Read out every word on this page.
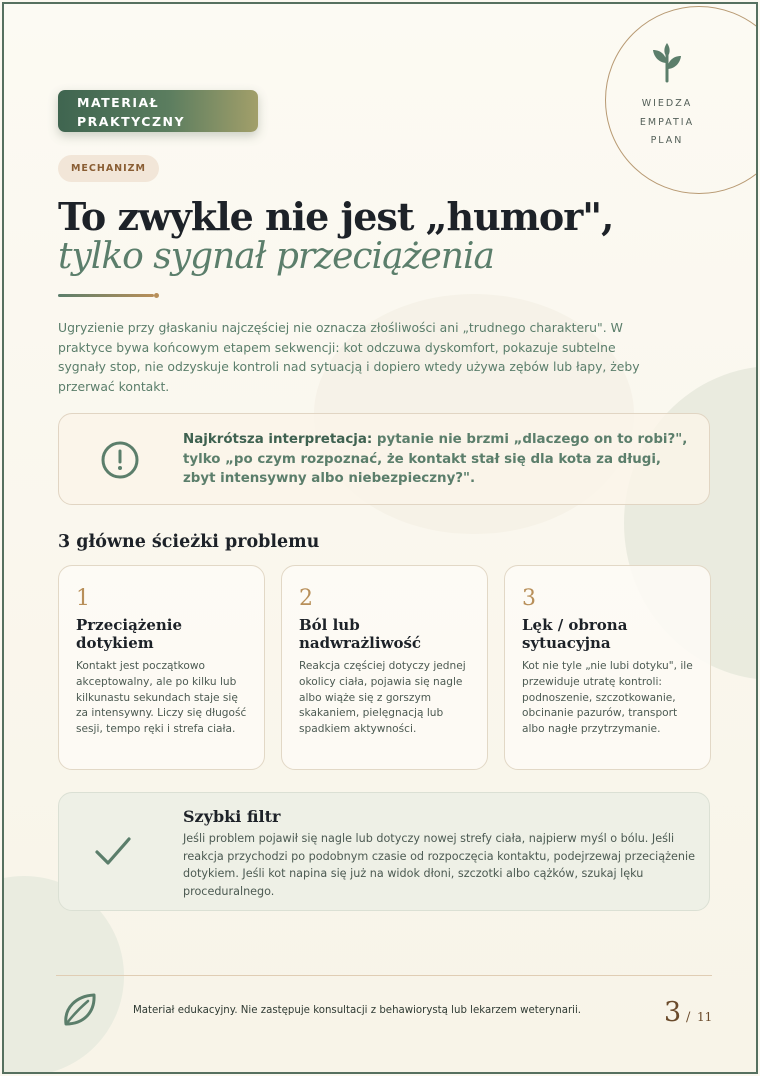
WIEDZA
EMPATIA
PLAN
MATERIAŁ
PRAKTYCZNY
MECHANIZM
To zwykle nie jest „humor",
tylko sygnał przeciążenia

Ugryzienie przy głaskaniu najczęściej nie oznacza złośliwości ani „trudnego charakteru". W praktyce bywa końcowym etapem sekwencji: kot odczuwa dyskomfort, pokazuje subtelne sygnały stop, nie odzyskuje kontroli nad sytuacją i dopiero wtedy używa zębów lub łapy, żeby przerwać kontakt.

Najkrótsza interpretacja: pytanie nie brzmi „dlaczego on to robi?", tylko „po czym rozpoznać, że kontakt stał się dla kota za długi, zbyt intensywny albo niebezpieczny?".

3 główne ścieżki problemu
1
Przeciążenie dotykiem

Kontakt jest początkowo akceptowalny, ale po kilku lub kilkunastu sekundach staje się za intensywny. Liczy się długość sesji, tempo ręki i strefa ciała.

2
Ból lub nadwrażliwość

Reakcja częściej dotyczy jednej okolicy ciała, pojawia się nagle albo wiąże się z gorszym skakaniem, pielęgnacją lub spadkiem aktywności.

3
Lęk / obrona sytuacyjna

Kot nie tyle „nie lubi dotyku", ile przewiduje utratę kontroli: podnoszenie, szczotkowanie, obcinanie pazurów, transport albo nagłe przytrzymanie.

Szybki filtr

Jeśli problem pojawił się nagle lub dotyczy nowej strefy ciała, najpierw myśl o bólu. Jeśli reakcja przychodzi po podobnym czasie od rozpoczęcia kontaktu, podejrzewaj przeciążenie dotykiem. Jeśli kot napina się już na widok dłoni, szczotki albo cążków, szukaj lęku proceduralnego.

Materiał edukacyjny. Nie zastępuje konsultacji z behawiorystą lub lekarzem weterynarii.	3 / 11
